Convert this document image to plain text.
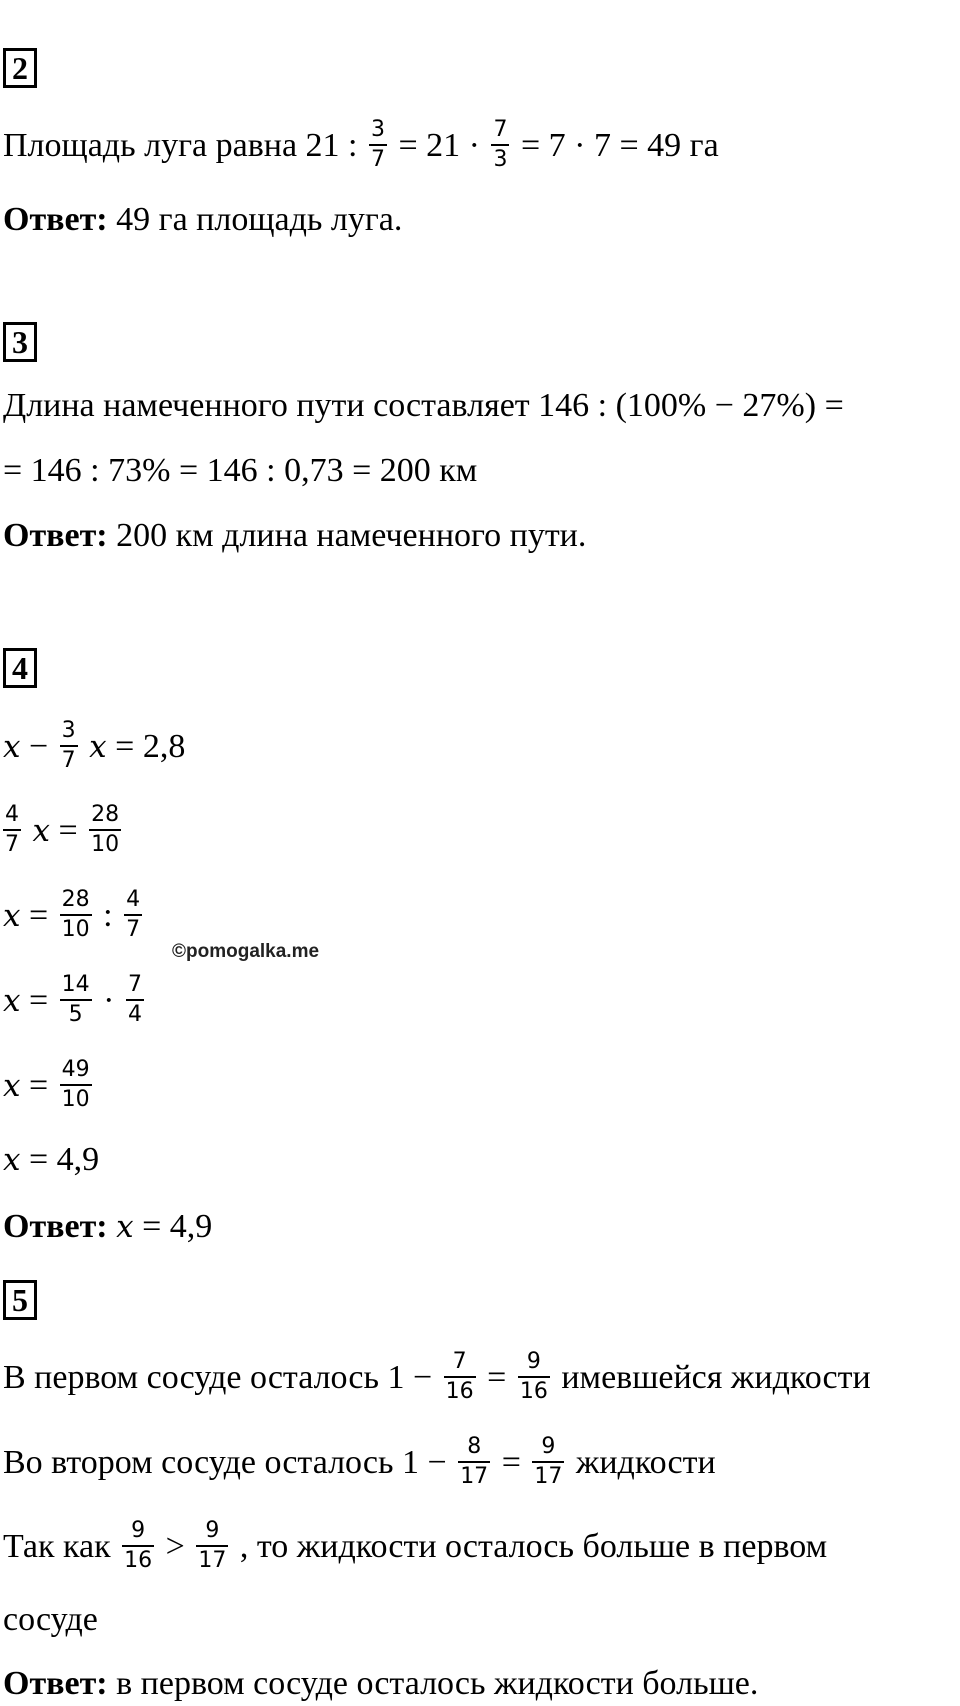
2
Площадь луга равна 21 : $\frac{3}{7} = 21 \cdot \frac{7}{3} = 7 \cdot 7 = 49$ га
Ответ: 49 га площадь луга.
3
Длина намеченного пути составляет 146 : (100% − 27%) =
= 146 : 73% = 146 : 0,73 = 200 км
Ответ: 200 км длина намеченного пути.
4
$x - \frac{3}{7}$ x = 2,8
$\frac{4}{7}$ $x = \frac{28}{10}$
$x = \frac{28}{10}$ : $\frac{4}{7}$
©pomogalka.me
$x = \frac{14}{5} \cdot \frac{7}{4}$
$x = \frac{49}{10}$
x = 4,9
Ответ: x = 4,9
5
В первом сосуде осталось $1 - \frac{7}{16} = \frac{9}{16}$ имевшейся жидкости
Во втором сосуде осталось $1 - \frac{8}{17} = \frac{9}{17}$ жидкости
Так как $\frac{9}{16} > \frac{9}{17}$ , то жидкости осталось больше в первом
сосуде
Ответ: в первом сосуде осталось жидкости больше.
